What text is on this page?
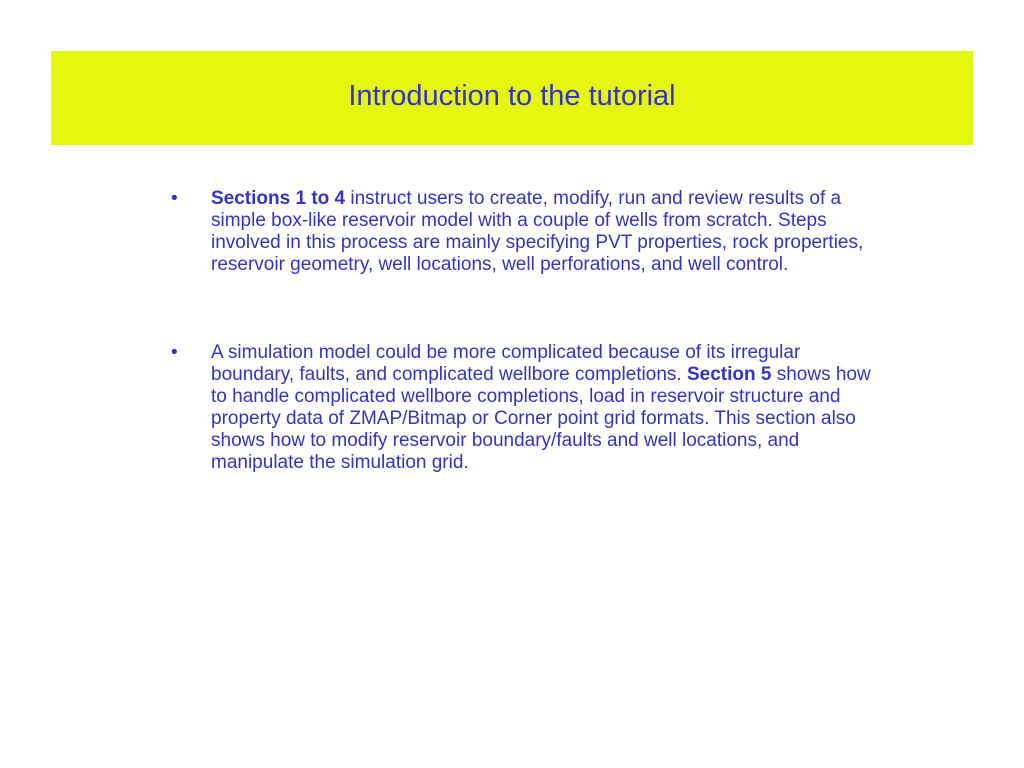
Introduction to the tutorial
• Sections 1 to 4 instruct users to create, modify, run and review results of a simple box-like reservoir model with a couple of wells from scratch. Steps involved in this process are mainly specifying PVT properties, rock properties, reservoir geometry, well locations, well perforations, and well control.
• A simulation model could be more complicated because of its irregular boundary, faults, and complicated wellbore completions. Section 5 shows how to handle complicated wellbore completions, load in reservoir structure and property data of ZMAP/Bitmap or Corner point grid formats. This section also shows how to modify reservoir boundary/faults and well locations, and manipulate the simulation grid.
